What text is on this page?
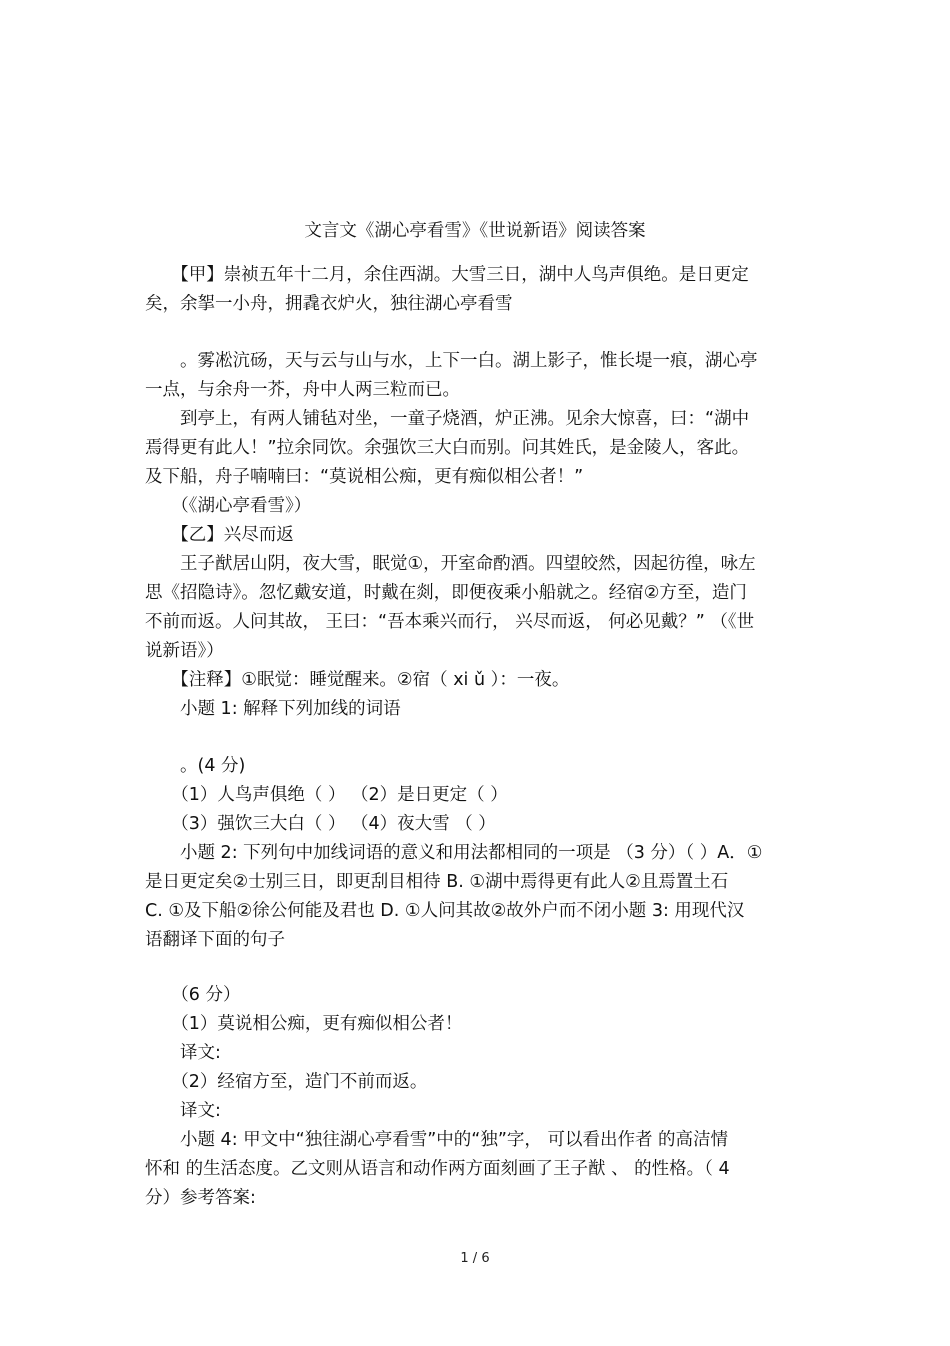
文言文《湖心亭看雪》《世说新语》阅读答案
　　【甲】崇祯五年十二月，余住西湖。大雪三日，湖中人鸟声俱绝。是日更定
矣，余挐一小舟，拥毳衣炉火，独往湖心亭看雪
　　。雾凇沆砀，天与云与山与水，上下一白。湖上影子，惟长堤一痕，湖心亭
一点，与余舟一芥，舟中人两三粒而已。
　　到亭上，有两人铺毡对坐，一童子烧酒，炉正沸。见余大惊喜，曰：“湖中
焉得更有此人！”拉余同饮。余强饮三大白而别。问其姓氏，是金陵人，客此。
及下船，舟子喃喃曰：“莫说相公痴，更有痴似相公者！”
　　（《湖心亭看雪》）
　　【乙】兴尽而返
　　王子猷居山阴，夜大雪，眠觉①，开室命酌酒。四望皎然，因起彷徨，咏左
思《招隐诗》。忽忆戴安道，时戴在剡，即便夜乘小船就之。经宿②方至，造门
不前而返。人问其故， 王曰：“吾本乘兴而行， 兴尽而返， 何必见戴？” （《世
说新语》）
　　【注释】①眠觉：睡觉醒来。②宿（ xi ǔ ）：一夜。
　　小题 1: 解释下列加线的词语
　　。(4 分)
　　（1）人鸟声俱绝（ ） （2）是日更定（ ）
　　（3）强饮三大白（ ） （4）夜大雪 （ ）
　　小题 2: 下列句中加线词语的意义和用法都相同的一项是 （3 分）（ ）A．①
是日更定矣②士别三日，即更刮目相待 B. ①湖中焉得更有此人②且焉置土石
C. ①及下船②徐公何能及君也 D. ①人问其故②故外户而不闭小题 3: 用现代汉
语翻译下面的句子
　　（6 分）
　　（1）莫说相公痴，更有痴似相公者！
　　译文:
　　（2）经宿方至，造门不前而返。
　　译文:
　　小题 4: 甲文中“独往湖心亭看雪”中的“独”字， 可以看出作者 的高洁情
怀和 的生活态度。乙文则从语言和动作两方面刻画了王子猷 、 的性格。（ 4
分）参考答案:
1 / 6
